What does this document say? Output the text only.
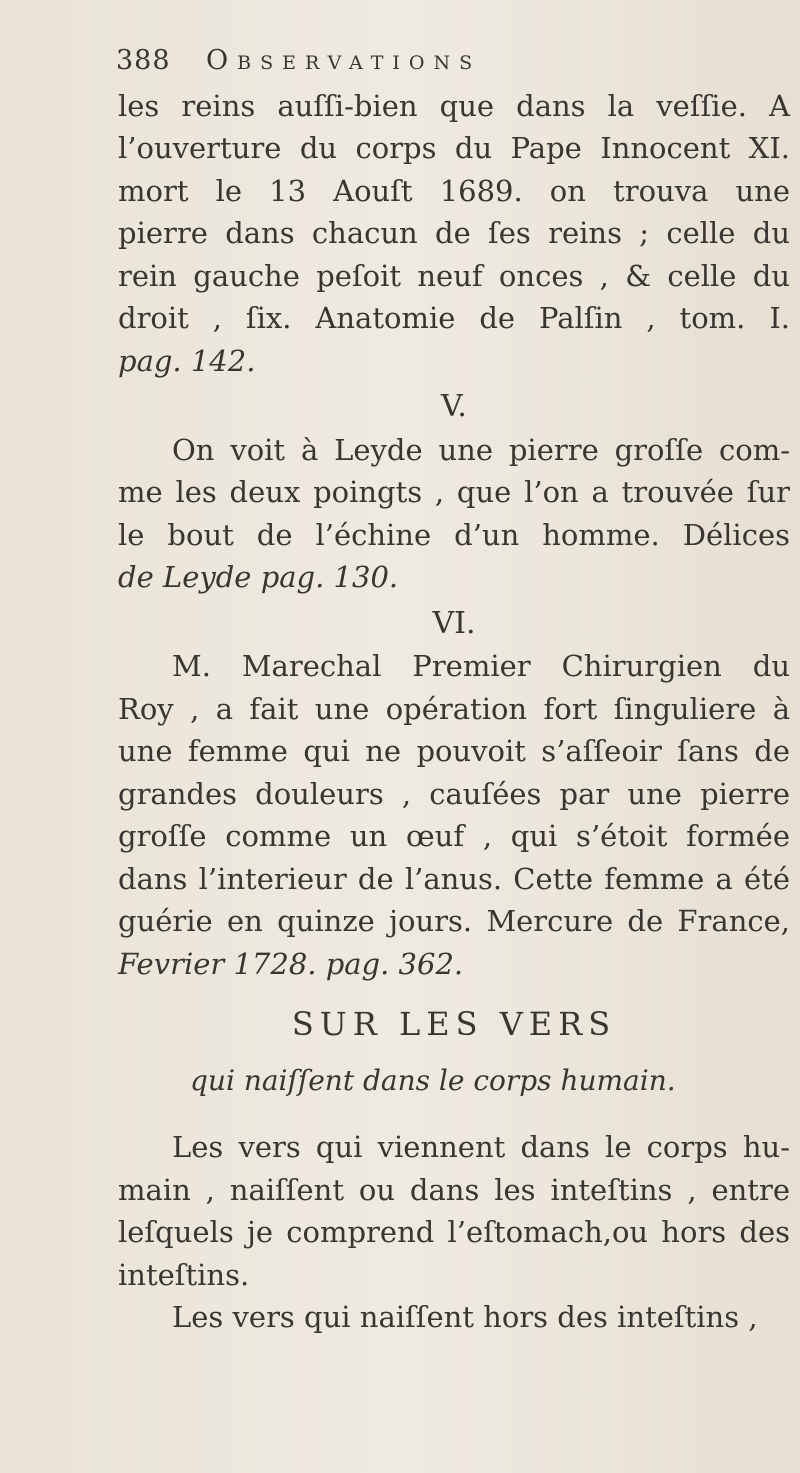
388	Observations
les reins auſſi-bien que dans la veſſie. A
l’ouverture du corps du Pape Innocent XI.
mort le 13 Aouſt 1689. on trouva une
pierre dans chacun de ſes reins ; celle du
rein gauche peſoit neuf onces , & celle du
droit , ſix. Anatomie de Palſin , tom. I.
pag. 142.
V.
On voit à Leyde une pierre groſſe com-
me les deux poingts , que l’on a trouvée ſur
le bout de l’échine d’un homme. Délices
de Leyde pag. 130.
VI.
M. Marechal Premier Chirurgien du
Roy , a fait une opération fort ſinguliere à
une femme qui ne pouvoit s’aſſeoir ſans de
grandes douleurs , cauſées par une pierre
groſſe comme un œuf , qui s’étoit formée
dans l’interieur de l’anus. Cette femme a été
guérie en quinze jours. Mercure de France,
Fevrier 1728. pag. 362.
SUR LES VERS
qui naiſſent dans le corps humain.
Les vers qui viennent dans le corps hu-
main , naiſſent ou dans les inteſtins , entre
leſquels je comprend l’eſtomach,ou hors des
inteſtins.
Les vers qui naiſſent hors des inteſtins ,
